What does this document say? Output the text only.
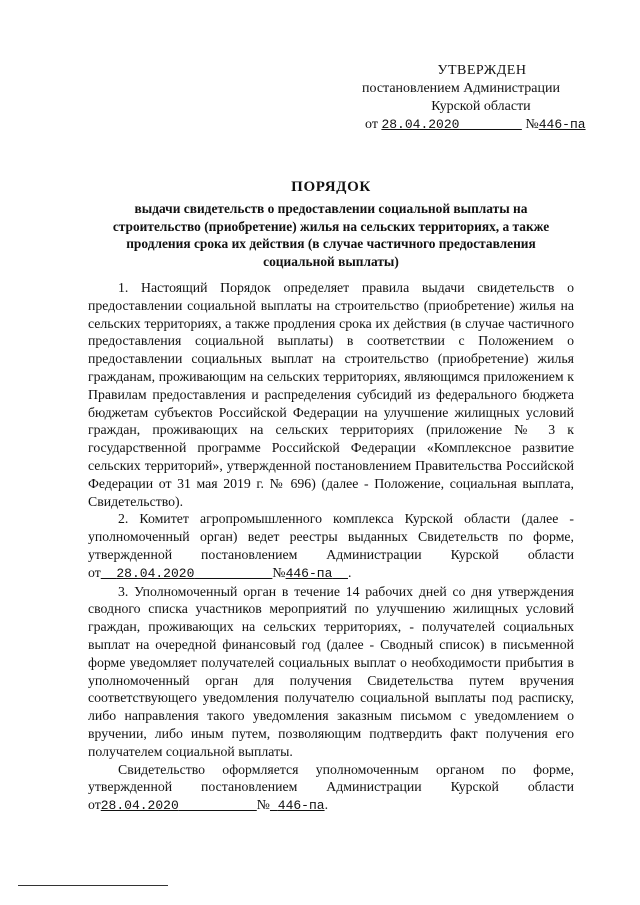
УТВЕРЖДЕН
постановлением Администрации
Курской области
от 28.04.2020	№446-па
ПОРЯДОК
выдачи свидетельств о предоставлении социальной выплаты на строительство (приобретение) жилья на сельских территориях, а также продления срока их действия (в случае частичного предоставления социальной выплаты)
1. Настоящий Порядок определяет правила выдачи свидетельств о предоставлении социальной выплаты на строительство (приобретение) жилья на сельских территориях, а также продления срока их действия (в случае частичного предоставления социальной выплаты) в соответствии с Положением о предоставлении социальных выплат на строительство (приобретение) жилья гражданам, проживающим на сельских территориях, являющимся приложением к Правилам предоставления и распределения субсидий из федерального бюджета бюджетам субъектов Российской Федерации на улучшение жилищных условий граждан, проживающих на сельских территориях (приложение № 3 к государственной программе Российской Федерации «Комплексное развитие сельских территорий», утвержденной постановлением Правительства Российской Федерации от 31 мая 2019 г. № 696) (далее - Положение, социальная выплата, Свидетельство).
2. Комитет агропромышленного комплекса Курской области (далее - уполномоченный орган) ведет реестры выданных Свидетельств по форме, утвержденной постановлением Администрации Курской области
от 28.04.2020	№446-па .
3. Уполномоченный орган в течение 14 рабочих дней со дня утверждения сводного списка участников мероприятий по улучшению жилищных условий граждан, проживающих на сельских территориях, - получателей социальных выплат на очередной финансовый год (далее - Сводный список) в письменной форме уведомляет получателей социальных выплат о необходимости прибытия в уполномоченный орган для получения Свидетельства путем вручения соответствующего уведомления получателю социальной выплаты под расписку, либо направления такого уведомления заказным письмом с уведомлением о вручении, либо иным путем, позволяющим подтвердить факт получения его получателем социальной выплаты.
Свидетельство оформляется уполномоченным органом по форме, утвержденной постановлением Администрации Курской области
от28.04.2020	№ 446-па.
